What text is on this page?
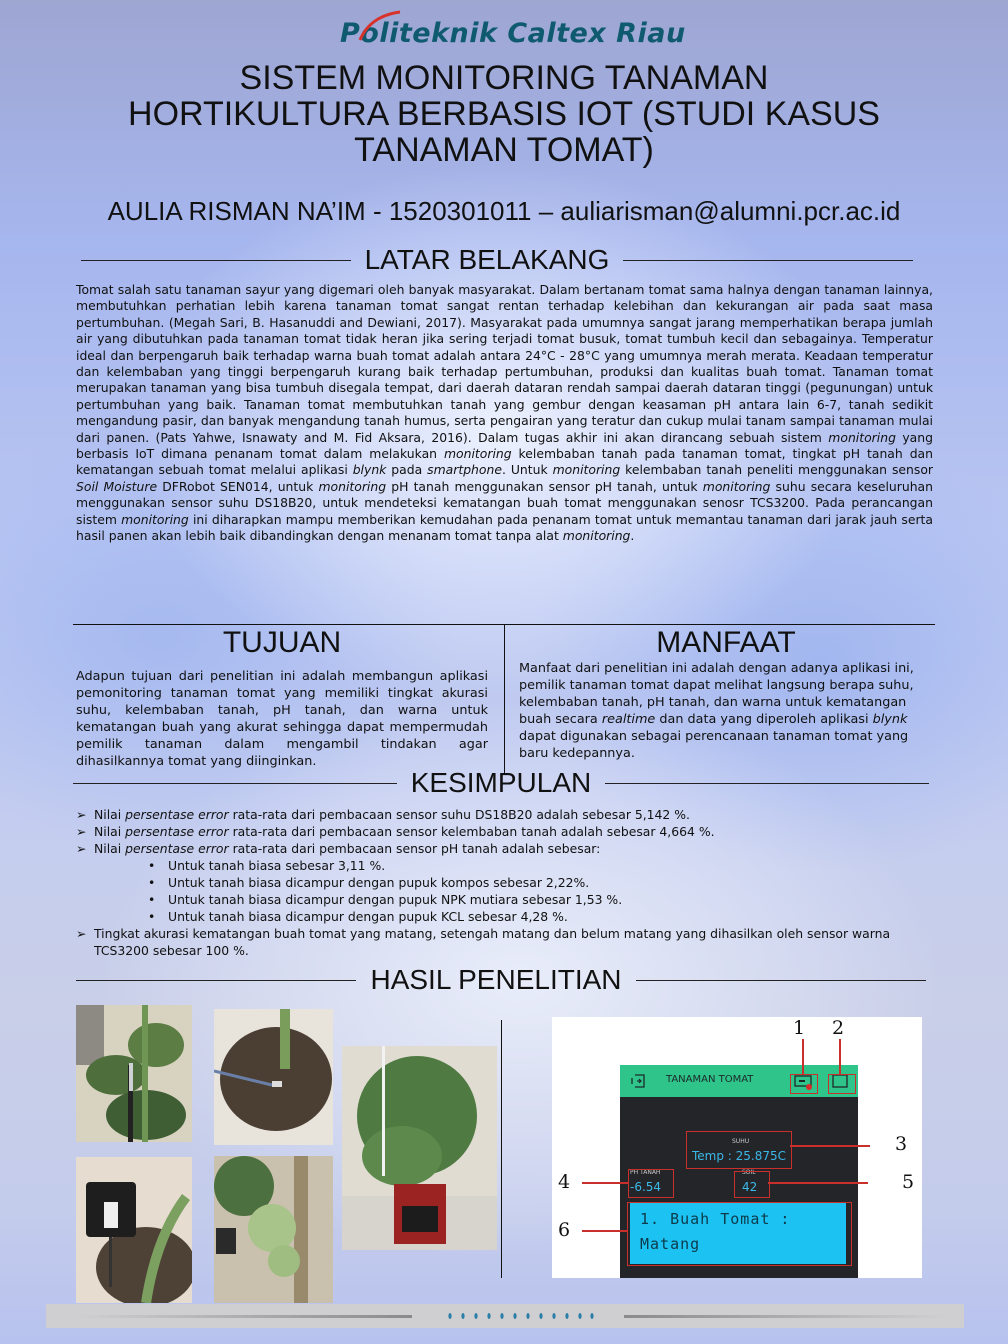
Politeknik Caltex Riau
SISTEM MONITORING TANAMAN
HORTIKULTURA BERBASIS IOT (STUDI KASUS
TANAMAN TOMAT)
AULIA RISMAN NA’IM - 1520301011 – auliarisman@alumni.pcr.ac.id
LATAR BELAKANG
Tomat salah satu tanaman sayur yang digemari oleh banyak masyarakat. Dalam bertanam tomat sama halnya dengan tanaman lainnya, membutuhkan perhatian lebih karena tanaman tomat sangat rentan terhadap kelebihan dan kekurangan air pada saat masa pertumbuhan. (Megah Sari, B. Hasanuddi and Dewiani, 2017). Masyarakat pada umumnya sangat jarang memperhatikan berapa jumlah air yang dibutuhkan pada tanaman tomat tidak heran jika sering terjadi tomat busuk, tomat tumbuh kecil dan sebagainya. Temperatur ideal dan berpengaruh baik terhadap warna buah tomat adalah antara 24°C - 28°C yang umumnya merah merata. Keadaan temperatur dan kelembaban yang tinggi berpengaruh kurang baik terhadap pertumbuhan, produksi dan kualitas buah tomat. Tanaman tomat merupakan tanaman yang bisa tumbuh disegala tempat, dari daerah dataran rendah sampai daerah dataran tinggi (pegunungan) untuk pertumbuhan yang baik. Tanaman tomat membutuhkan tanah yang gembur dengan keasaman pH antara lain 6-7, tanah sedikit mengandung pasir, dan banyak mengandung tanah humus, serta pengairan yang teratur dan cukup mulai tanam sampai tanaman mulai dari panen. (Pats Yahwe, Isnawaty and M. Fid Aksara, 2016). Dalam tugas akhir ini akan dirancang sebuah sistem monitoring yang berbasis IoT dimana penanam tomat dalam melakukan monitoring kelembaban tanah pada tanaman tomat, tingkat pH tanah dan kematangan sebuah tomat melalui aplikasi blynk pada smartphone. Untuk monitoring kelembaban tanah peneliti menggunakan sensor Soil Moisture DFRobot SEN014, untuk monitoring pH tanah menggunakan sensor pH tanah, untuk monitoring suhu secara keseluruhan menggunakan sensor suhu DS18B20, untuk mendeteksi kematangan buah tomat menggunakan senosr TCS3200. Pada perancangan sistem monitoring ini diharapkan mampu memberikan kemudahan pada penanam tomat untuk memantau tanaman dari jarak jauh serta hasil panen akan lebih baik dibandingkan dengan menanam tomat tanpa alat monitoring.
TUJUAN
Adapun tujuan dari penelitian ini adalah membangun aplikasi pemonitoring tanaman tomat yang memiliki tingkat akurasi suhu, kelembaban tanah, pH tanah, dan warna untuk kematangan buah yang akurat sehingga dapat mempermudah pemilik tanaman dalam mengambil tindakan agar dihasilkannya tomat yang diinginkan.
MANFAAT
Manfaat dari penelitian ini adalah dengan adanya aplikasi ini, pemilik tanaman tomat dapat melihat langsung berapa suhu, kelembaban tanah, pH tanah, dan warna untuk kematangan buah secara realtime dan data yang diperoleh aplikasi blynk dapat digunakan sebagai perencanaan tanaman tomat yang baru kedepannya.
KESIMPULAN
➢ Nilai persentase error rata-rata dari pembacaan sensor suhu DS18B20 adalah sebesar 5,142 %.
➢ Nilai persentase error rata-rata dari pembacaan sensor kelembaban tanah adalah sebesar 4,664 %.
➢ Nilai persentase error rata-rata dari pembacaan sensor pH tanah adalah sebesar:
•	Untuk tanah biasa sebesar 3,11 %.
•	Untuk tanah biasa dicampur dengan pupuk kompos sebesar 2,22%.
•	Untuk tanah biasa dicampur dengan pupuk NPK mutiara sebesar 1,53 %.
•	Untuk tanah biasa dicampur dengan pupuk KCL sebesar 4,28 %.
➢ Tingkat akurasi kematangan buah tomat yang matang, setengah matang dan belum matang yang dihasilkan oleh sensor warna TCS3200 sebesar 100 %.
HASIL PENELITIAN
TANAMAN TOMAT
SUHU
Temp : 25.875C
PH TANAH
-6.54
SOIL
42
1. Buah Tomat :
Matang
1 2
3
4	5
6
